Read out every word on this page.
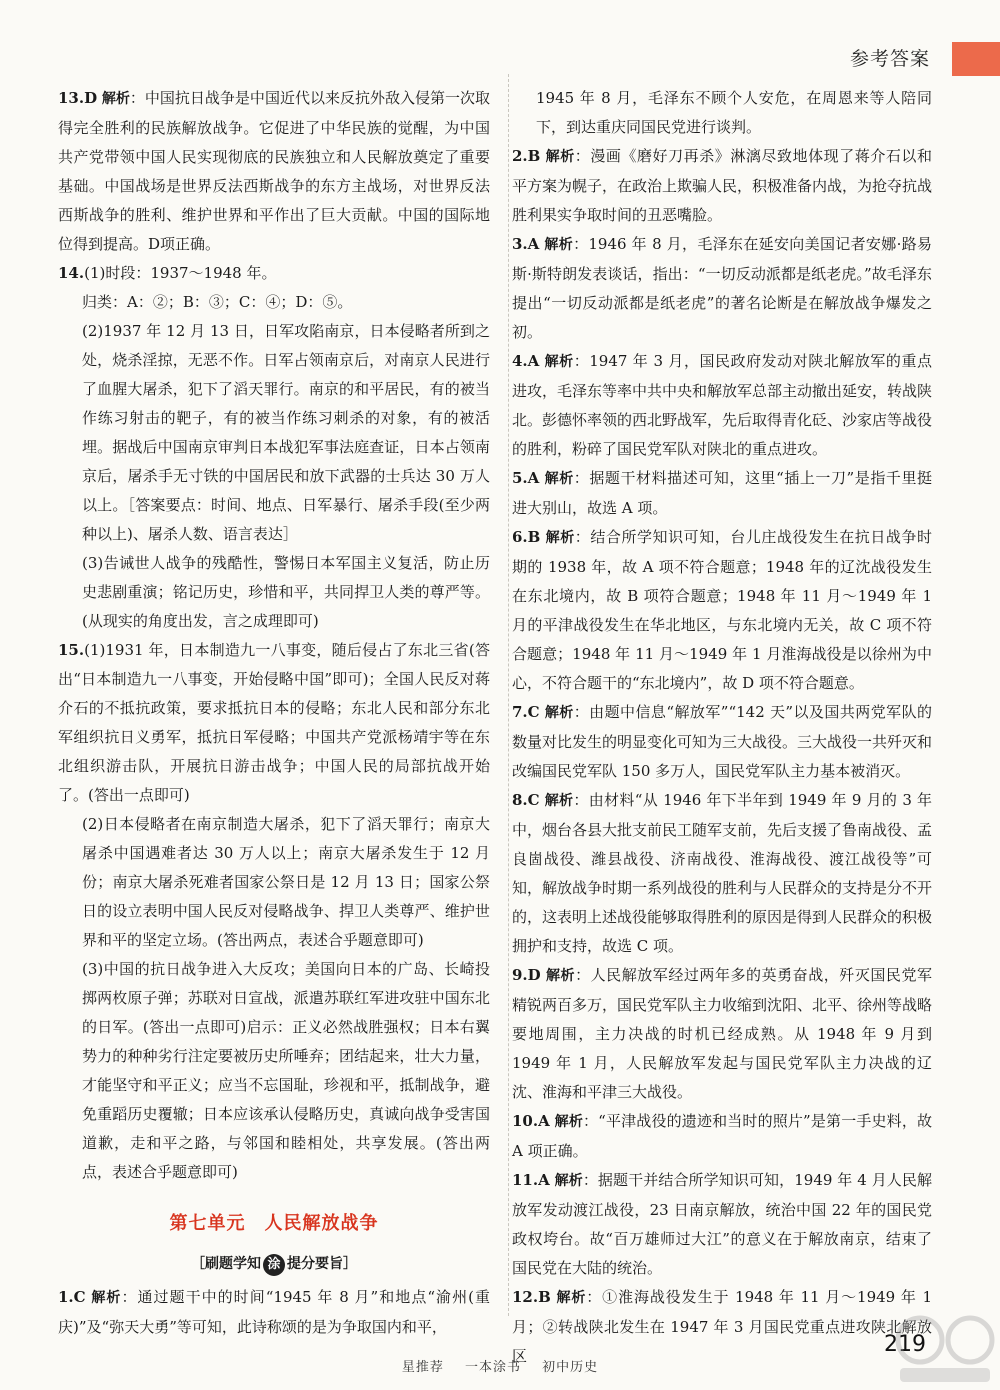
参考答案

13.D 解析：中国抗日战争是中国近代以来反抗外敌入侵第一次取得完全胜利的民族解放战争。它促进了中华民族的觉醒，为中国共产党带领中国人民实现彻底的民族独立和人民解放奠定了重要基础。中国战场是世界反法西斯战争的东方主战场，对世界反法西斯战争的胜利、维护世界和平作出了巨大贡献。中国的国际地位得到提高。D项正确。

14.(1)时段：1937～1948 年。

归类：A：②；B：③；C：④；D：⑤。

(2)1937 年 12 月 13 日，日军攻陷南京，日本侵略者所到之处，烧杀淫掠，无恶不作。日军占领南京后，对南京人民进行了血腥大屠杀，犯下了滔天罪行。南京的和平居民，有的被当作练习射击的靶子，有的被当作练习刺杀的对象，有的被活埋。据战后中国南京审判日本战犯军事法庭查证，日本占领南京后，屠杀手无寸铁的中国居民和放下武器的士兵达 30 万人以上。［答案要点：时间、地点、日军暴行、屠杀手段(至少两种以上)、屠杀人数、语言表达］

(3)告诫世人战争的残酷性，警惕日本军国主义复活，防止历史悲剧重演；铭记历史，珍惜和平，共同捍卫人类的尊严等。(从现实的角度出发，言之成理即可)

15.(1)1931 年，日本制造九一八事变，随后侵占了东北三省(答出“日本制造九一八事变，开始侵略中国”即可)；全国人民反对蒋介石的不抵抗政策，要求抵抗日本的侵略；东北人民和部分东北军组织抗日义勇军，抵抗日军侵略；中国共产党派杨靖宇等在东北组织游击队，开展抗日游击战争；中国人民的局部抗战开始了。(答出一点即可)

(2)日本侵略者在南京制造大屠杀，犯下了滔天罪行；南京大屠杀中国遇难者达 30 万人以上；南京大屠杀发生于 12 月份；南京大屠杀死难者国家公祭日是 12 月 13 日；国家公祭日的设立表明中国人民反对侵略战争、捍卫人类尊严、维护世界和平的坚定立场。(答出两点，表述合乎题意即可)

(3)中国的抗日战争进入大反攻；美国向日本的广岛、长崎投掷两枚原子弹；苏联对日宣战，派遣苏联红军进攻驻中国东北的日军。(答出一点即可)启示：正义必然战胜强权；日本右翼势力的种种劣行注定要被历史所唾弃；团结起来，壮大力量，才能坚守和平正义；应当不忘国耻，珍视和平，抵制战争，避免重蹈历史覆辙；日本应该承认侵略历史，真诚向战争受害国道歉，走和平之路，与邻国和睦相处，共享发展。(答出两点，表述合乎题意即可)

第七单元　人民解放战争
［刷题学知 涂 提分要旨］

1.C 解析：通过题干中的时间“1945 年 8 月”和地点“渝州(重庆)”及“弥天大勇”等可知，此诗称颂的是为争取国内和平，

1945 年 8 月，毛泽东不顾个人安危，在周恩来等人陪同下，到达重庆同国民党进行谈判。

2.B 解析：漫画《磨好刀再杀》淋漓尽致地体现了蒋介石以和平方案为幌子，在政治上欺骗人民，积极准备内战，为抢夺抗战胜利果实争取时间的丑恶嘴脸。

3.A 解析：1946 年 8 月，毛泽东在延安向美国记者安娜·路易斯·斯特朗发表谈话，指出：“一切反动派都是纸老虎。”故毛泽东提出“一切反动派都是纸老虎”的著名论断是在解放战争爆发之初。

4.A 解析：1947 年 3 月，国民政府发动对陕北解放军的重点进攻，毛泽东等率中共中央和解放军总部主动撤出延安，转战陕北。彭德怀率领的西北野战军，先后取得青化砭、沙家店等战役的胜利，粉碎了国民党军队对陕北的重点进攻。

5.A 解析：据题干材料描述可知，这里“插上一刀”是指千里挺进大别山，故选 A 项。

6.B 解析：结合所学知识可知，台儿庄战役发生在抗日战争时期的 1938 年，故 A 项不符合题意；1948 年的辽沈战役发生在东北境内，故 B 项符合题意；1948 年 11 月～1949 年 1 月的平津战役发生在华北地区，与东北境内无关，故 C 项不符合题意；1948 年 11 月～1949 年 1 月淮海战役是以徐州为中心，不符合题干的“东北境内”，故 D 项不符合题意。

7.C 解析：由题中信息“解放军”“142 天”以及国共两党军队的数量对比发生的明显变化可知为三大战役。三大战役一共歼灭和改编国民党军队 150 多万人，国民党军队主力基本被消灭。

8.C 解析：由材料“从 1946 年下半年到 1949 年 9 月的 3 年中，烟台各县大批支前民工随军支前，先后支援了鲁南战役、孟良崮战役、潍县战役、济南战役、淮海战役、渡江战役等”可知，解放战争时期一系列战役的胜利与人民群众的支持是分不开的，这表明上述战役能够取得胜利的原因是得到人民群众的积极拥护和支持，故选 C 项。

9.D 解析：人民解放军经过两年多的英勇奋战，歼灭国民党军精锐两百多万，国民党军队主力收缩到沈阳、北平、徐州等战略要地周围，主力决战的时机已经成熟。从 1948 年 9 月到 1949 年 1 月，人民解放军发起与国民党军队主力决战的辽沈、淮海和平津三大战役。

10.A 解析：“平津战役的遗迹和当时的照片”是第一手史料，故 A 项正确。

11.A 解析：据题干并结合所学知识可知，1949 年 4 月人民解放军发动渡江战役，23 日南京解放，统治中国 22 年的国民党政权垮台。故“百万雄师过大江”的意义在于解放南京，结束了国民党在大陆的统治。

12.B 解析：①淮海战役发生于 1948 年 11 月～1949 年 1 月；②转战陕北发生在 1947 年 3 月国民党重点进攻陕北解放区	219
星推荐 一本涂书 初中历史
